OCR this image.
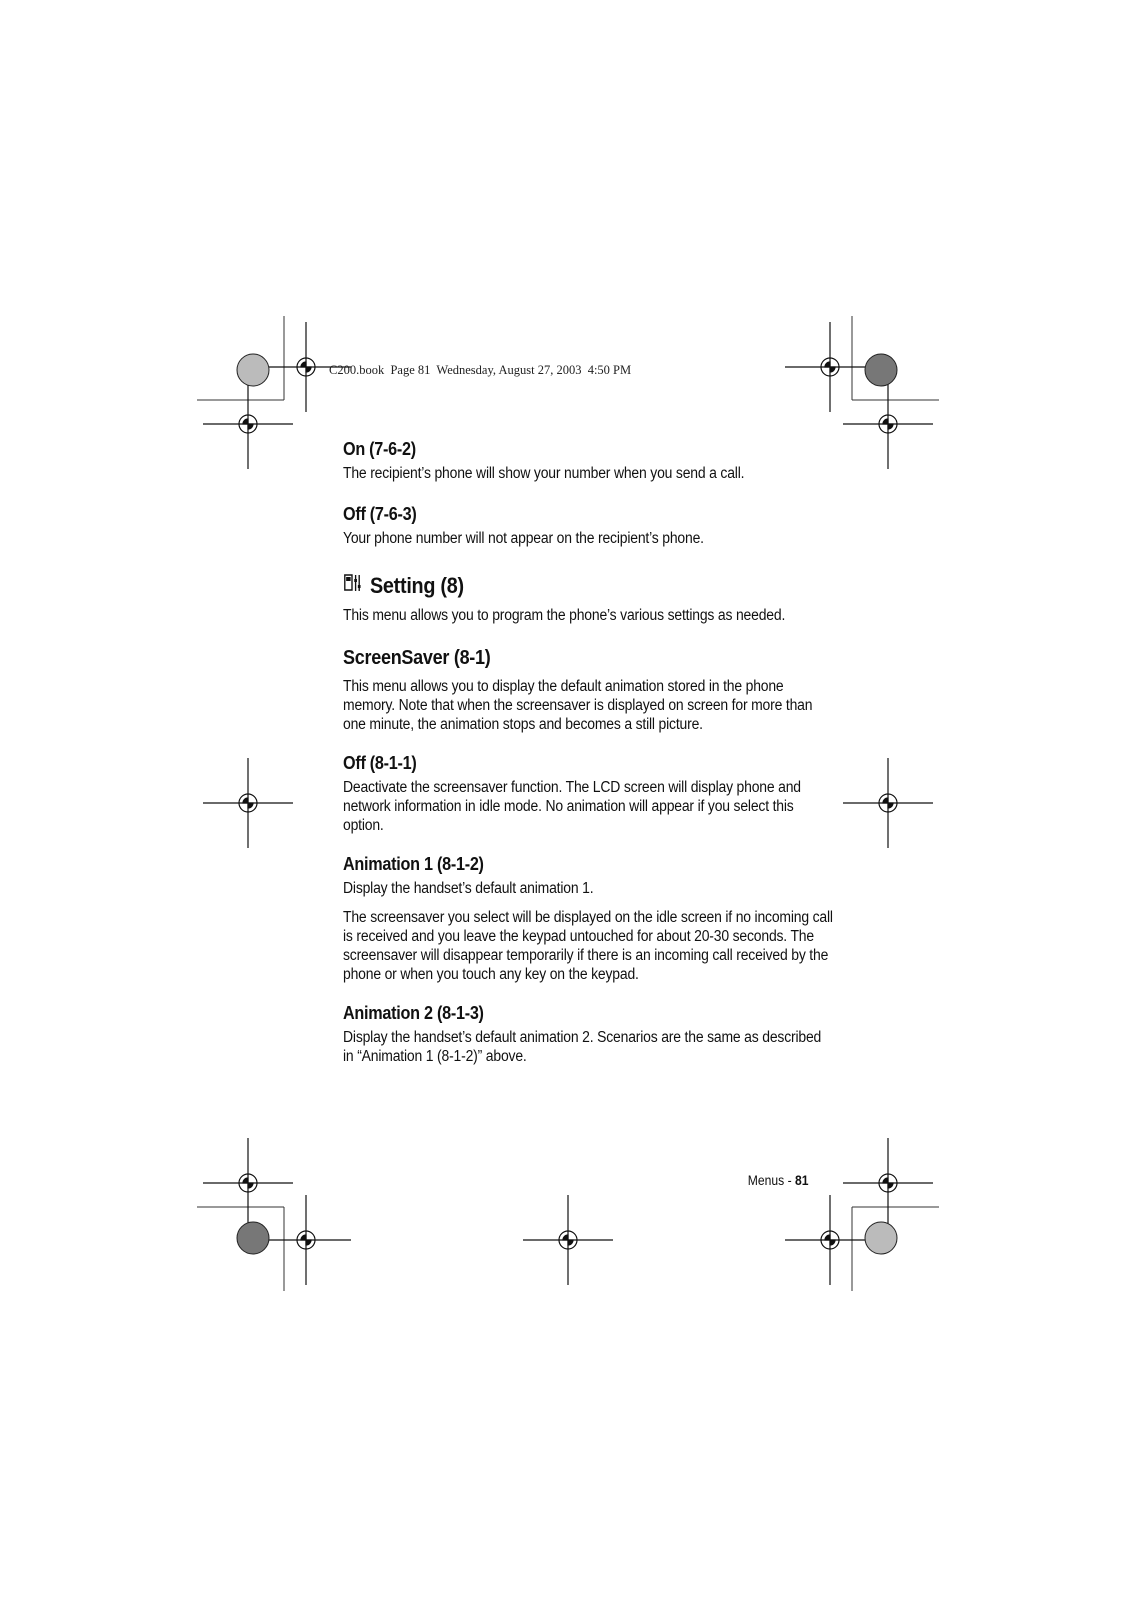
C200.book  Page 81  Wednesday, August 27, 2003  4:50 PM
On (7-6-2)
The recipient’s phone will show your number when you send a call.
Off (7-6-3)
Your phone number will not appear on the recipient’s phone.
Setting (8)
This menu allows you to program the phone’s various settings as needed.
ScreenSaver (8-1)
This menu allows you to display the default animation stored in the phone memory. Note that when the screensaver is displayed on screen for more than one minute, the animation stops and becomes a still picture.
Off (8-1-1)
Deactivate the screensaver function. The LCD screen will display phone and network information in idle mode. No animation will appear if you select this option.
Animation 1 (8-1-2)
Display the handset’s default animation 1.
The screensaver you select will be displayed on the idle screen if no incoming call is received and you leave the keypad untouched for about 20-30 seconds. The screensaver will disappear temporarily if there is an incoming call received by the phone or when you touch any key on the keypad.
Animation 2 (8-1-3)
Display the handset’s default animation 2. Scenarios are the same as described in “Animation 1 (8-1-2)” above.
Menus - 81
